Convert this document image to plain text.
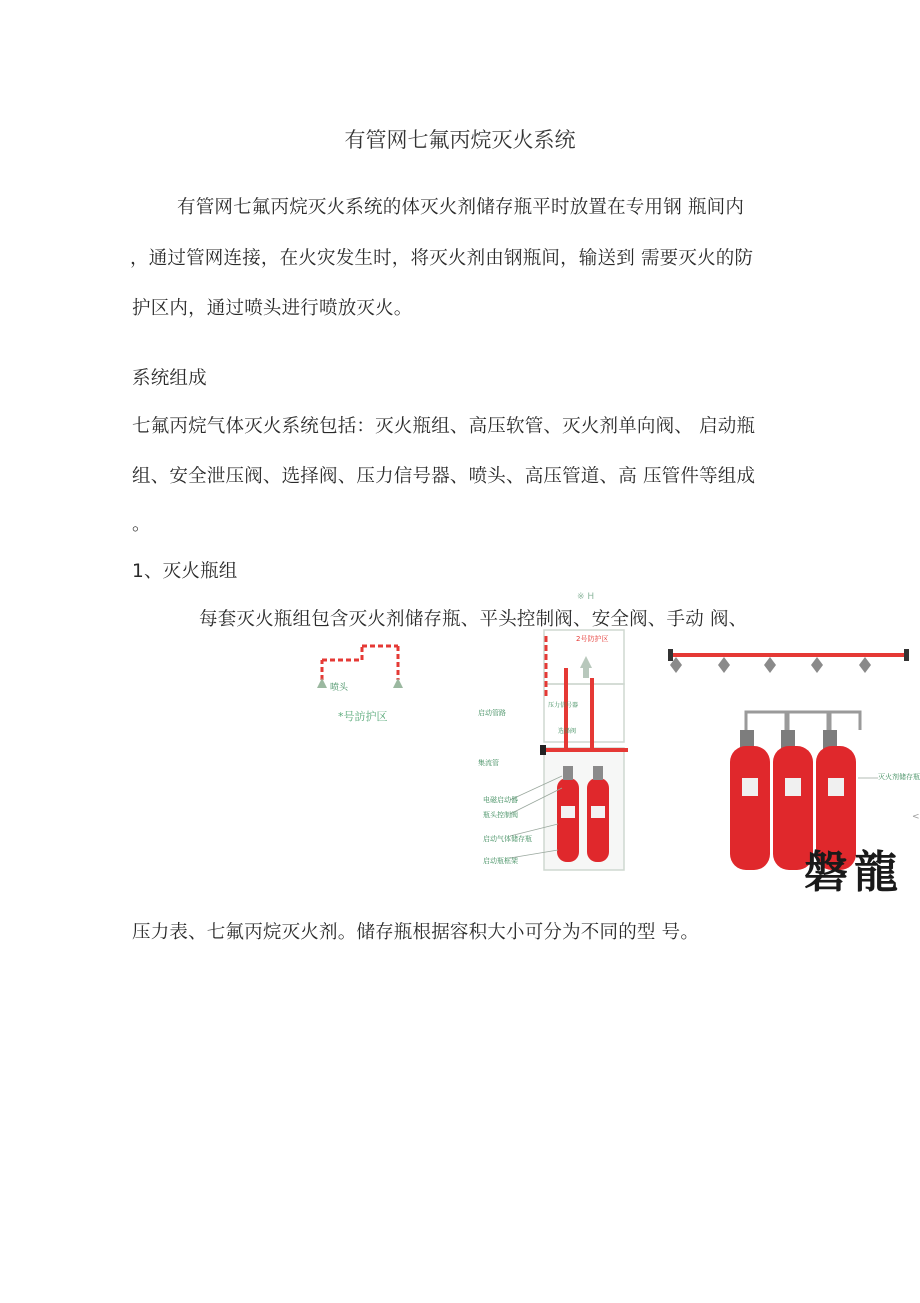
有管网七氟丙烷灭火系统
有管网七氟丙烷灭火系统的体灭火剂储存瓶平时放置在专用钢 瓶间内
，通过管网连接，在火灾发生时，将灭火剂由钢瓶间，输送到 需要灭火的防
护区内，通过喷头进行喷放灭火。
系统组成
七氟丙烷气体灭火系统包括：灭火瓶组、高压软管、灭火剂单向阀、 启动瓶
组、安全泄压阀、选择阀、压力信号器、喷头、高压管道、高 压管件等组成
。
1、灭火瓶组
每套灭火瓶组包含灭火剂储存瓶、平头控制阀、安全阀、手动 阀、
喷头
*号訪护区
※ H
2号防护区
启动管路
集流管
电磁启动器
瓶头控制阀
启动气体储存瓶
启动瓶框架
压力信号器
选择阀
灭火剂储存瓶
<
磐龍
压力表、七氟丙烷灭火剂。储存瓶根据容积大小可分为不同的型 号。
